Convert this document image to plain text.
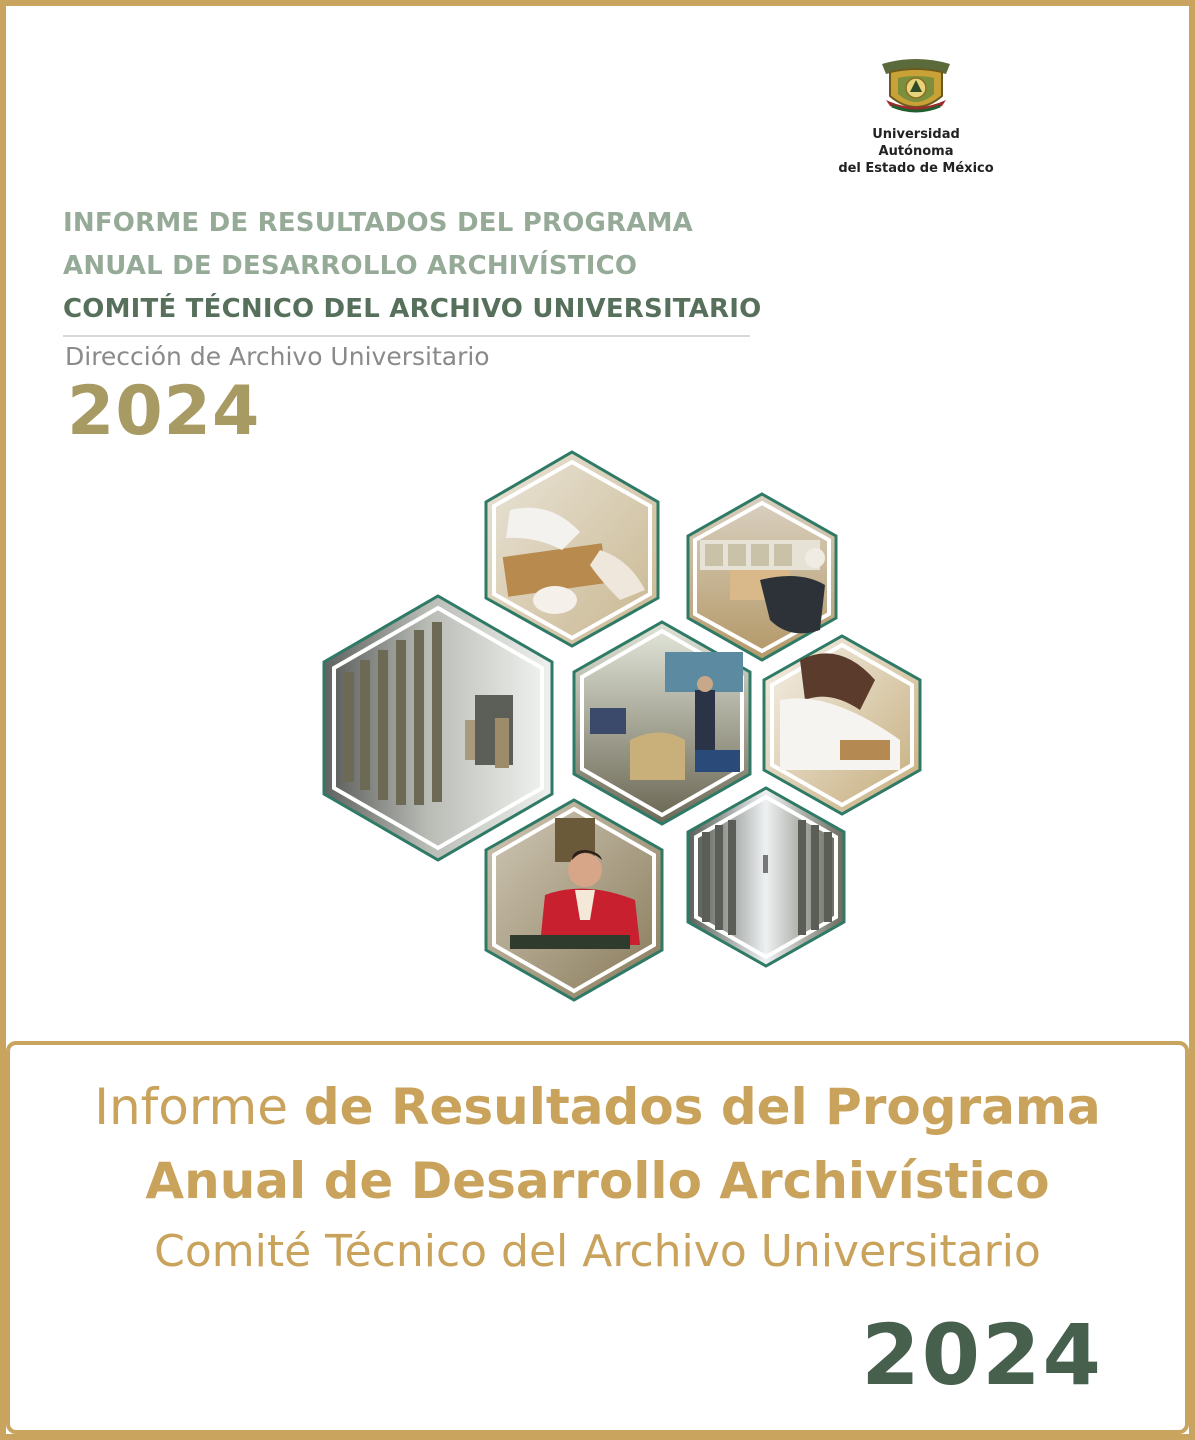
Universidad Autónoma
del Estado de México
INFORME DE RESULTADOS DEL PROGRAMA
ANUAL DE DESARROLLO ARCHIVÍSTICO
COMITÉ TÉCNICO DEL ARCHIVO UNIVERSITARIO
Dirección de Archivo Universitario
2024
Informe de Resultados del Programa
Anual de Desarrollo Archivístico
Comité Técnico del Archivo Universitario
2024
